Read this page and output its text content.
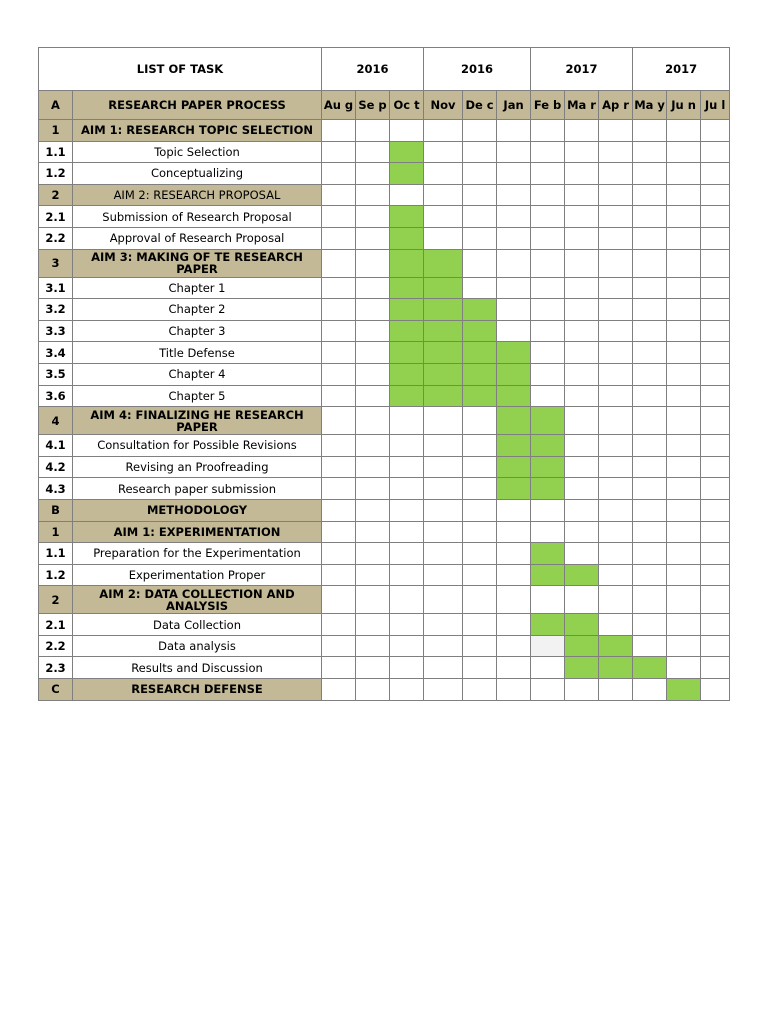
LIST OF TASK		2016			2016			2017			2017		
A	RESEARCH PAPER PROCESS	Au g	Se p	Oc t	Nov	De c	Jan	Fe b	Ma r	Ap r	Ma y	Ju n	Ju l
1	AIM 1: RESEARCH TOPIC SELECTION												
1.1	Topic Selection												
1.2	Conceptualizing												
2	AIM 2: RESEARCH PROPOSAL												
2.1	Submission of Research Proposal												
2.2	Approval of Research Proposal												
3	AIM 3: MAKING OF TE RESEARCH PAPER												
3.1	Chapter 1												
3.2	Chapter 2												
3.3	Chapter 3												
3.4	Title Defense												
3.5	Chapter 4												
3.6	Chapter 5												
4	AIM 4: FINALIZING HE RESEARCH PAPER												
4.1	Consultation for Possible Revisions												
4.2	Revising an Proofreading												
4.3	Research paper submission												
B	METHODOLOGY												
1	AIM 1: EXPERIMENTATION												
1.1	Preparation for the Experimentation												
1.2	Experimentation Proper												
2	AIM 2: DATA COLLECTION AND ANALYSIS												
2.1	Data Collection												
2.2	Data analysis												
2.3	Results and Discussion												
C	RESEARCH DEFENSE												
